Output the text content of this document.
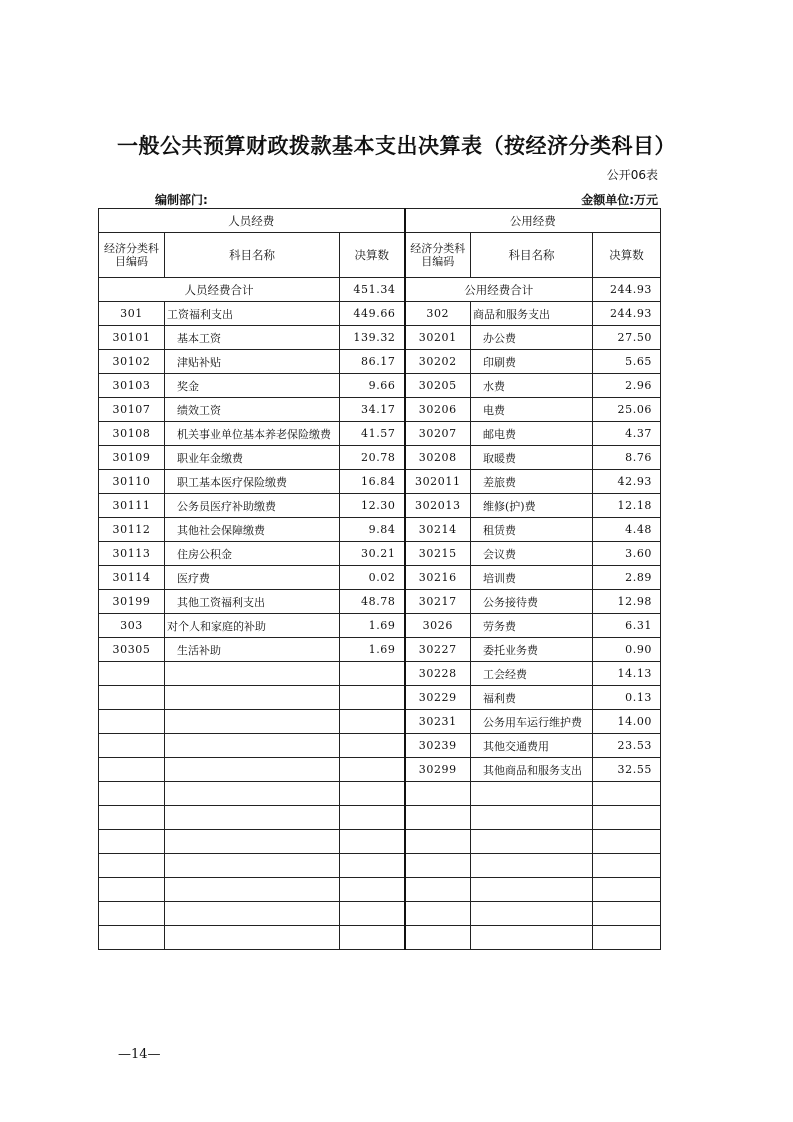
一般公共预算财政拨款基本支出决算表（按经济分类科目）
公开06表
编制部门:	金额单位:万元
人员经费			公用经费		
经济分类科目编码	科目名称	决算数	经济分类科目编码	科目名称	决算数
人员经费合计		451.34	公用经费合计		244.93
301	工资福利支出	449.66	302	商品和服务支出	244.93
30101	基本工资	139.32	30201	办公费	27.50
30102	津贴补贴	86.17	30202	印刷费	5.65
30103	奖金	9.66	30205	水费	2.96
30107	绩效工资	34.17	30206	电费	25.06
30108	机关事业单位基本养老保险缴费	41.57	30207	邮电费	4.37
30109	职业年金缴费	20.78	30208	取暖费	8.76
30110	职工基本医疗保险缴费	16.84	302011	差旅费	42.93
30111	公务员医疗补助缴费	12.30	302013	维修(护)费	12.18
30112	其他社会保障缴费	9.84	30214	租赁费	4.48
30113	住房公积金	30.21	30215	会议费	3.60
30114	医疗费	0.02	30216	培训费	2.89
30199	其他工资福利支出	48.78	30217	公务接待费	12.98
303	对个人和家庭的补助	1.69	3026	劳务费	6.31
30305	生活补助	1.69	30227	委托业务费	0.90
			30228	工会经费	14.13
			30229	福利费	0.13
			30231	公务用车运行维护费	14.00
			30239	其他交通费用	23.53
			30299	其他商品和服务支出	32.55

—14—
